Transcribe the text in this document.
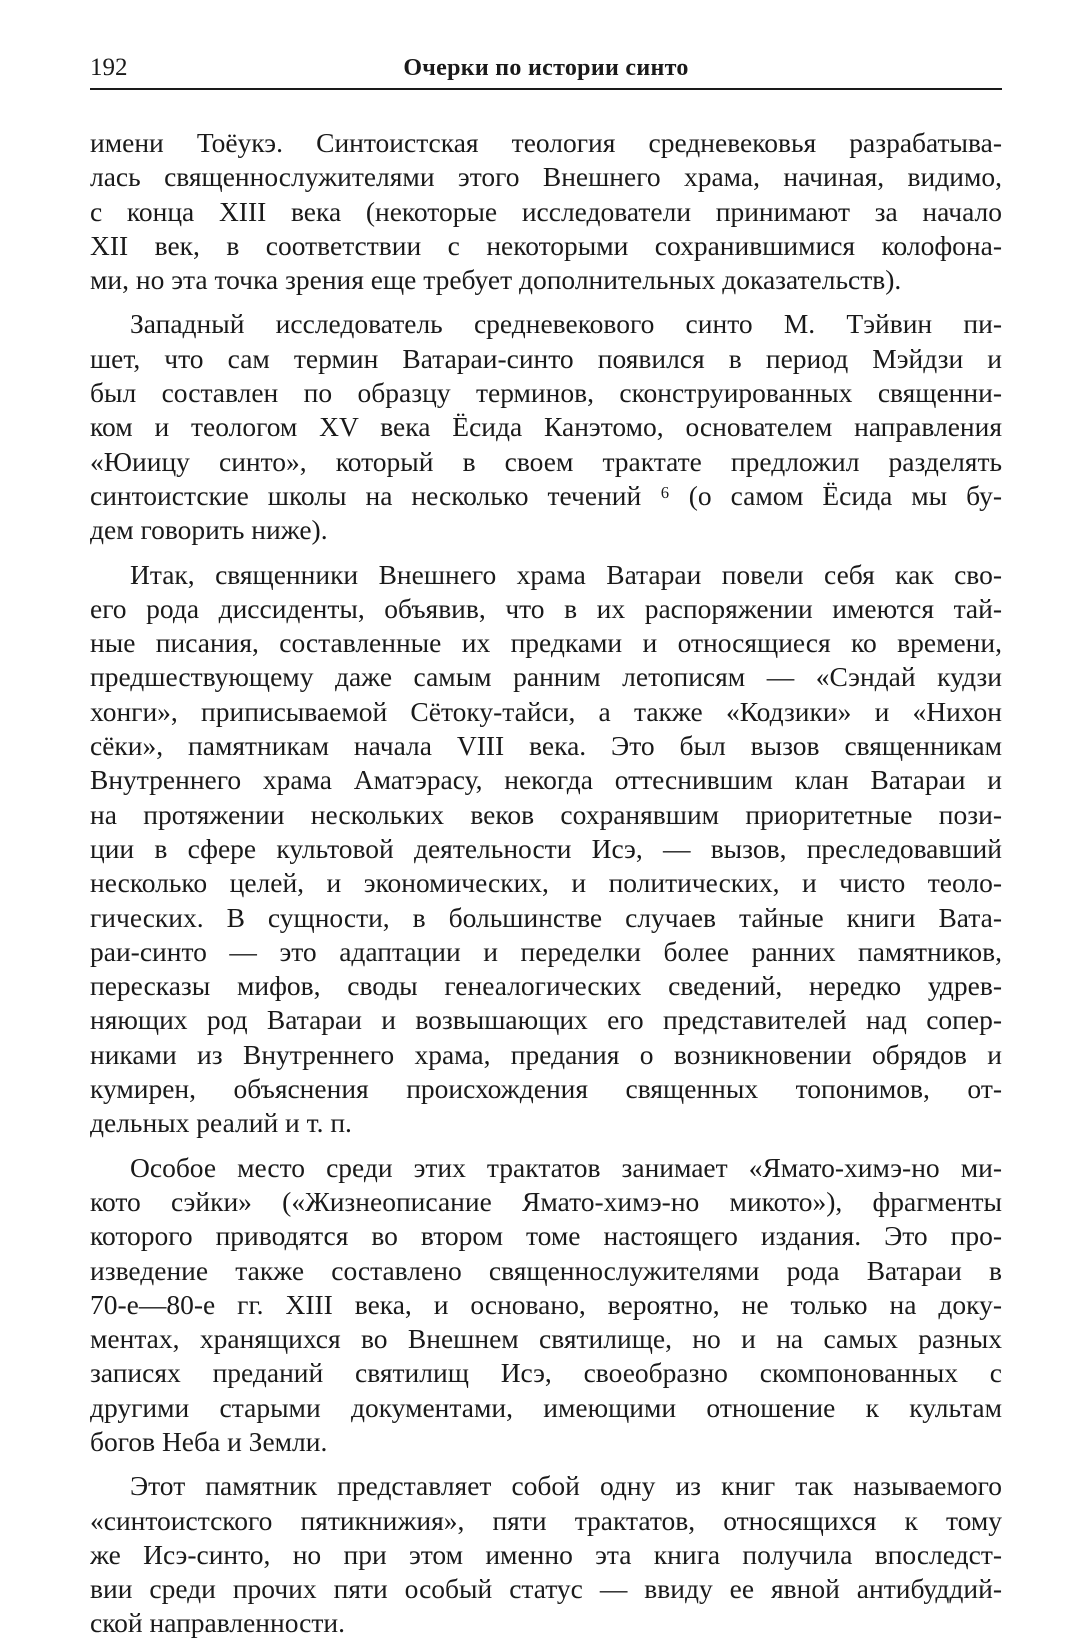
192	Очерки по истории синто

имени Тоёукэ. Синтоистская теология средневековья разрабатыва-
лась священнослужителями этого Внешнего храма, начиная, видимо,
с конца XIII века (некоторые исследователи принимают за начало
XII век, в соответствии с некоторыми сохранившимися колофона-
ми, но эта точка зрения еще требует дополнительных доказательств).

Западный исследователь средневекового синто М. Тэйвин пи-
шет, что сам термин Ватараи-синто появился в период Мэйдзи и
был составлен по образцу терминов, сконструированных священни-
ком и теологом XV века Ёсида Канэтомо, основателем направления
«Юиицу синто», который в своем трактате предложил разделять
синтоистские школы на несколько течений ⁶ (о самом Ёсида мы бу-
дем говорить ниже).

Итак, священники Внешнего храма Ватараи повели себя как сво-
его рода диссиденты, объявив, что в их распоряжении имеются тай-
ные писания, составленные их предками и относящиеся ко времени,
предшествующему даже самым ранним летописям — «Сэндай кудзи
хонги», приписываемой Сётоку-тайси, а также «Кодзики» и «Нихон
сёки», памятникам начала VIII века. Это был вызов священникам
Внутреннего храма Аматэрасу, некогда оттеснившим клан Ватараи и
на протяжении нескольких веков сохранявшим приоритетные пози-
ции в сфере культовой деятельности Исэ, — вызов, преследовавший
несколько целей, и экономических, и политических, и чисто теоло-
гических. В сущности, в большинстве случаев тайные книги Вата-
раи-синто — это адаптации и переделки более ранних памятников,
пересказы мифов, своды генеалогических сведений, нередко удрев-
няющих род Ватараи и возвышающих его представителей над сопер-
никами из Внутреннего храма, предания о возникновении обрядов и
кумирен, объяснения происхождения священных топонимов, от-
дельных реалий и т. п.

Особое место среди этих трактатов занимает «Ямато-химэ-но ми-
кото сэйки» («Жизнеописание Ямато-химэ-но микото»), фрагменты
которого приводятся во втором томе настоящего издания. Это про-
изведение также составлено священнослужителями рода Ватараи в
70-е—80-е гг. XIII века, и основано, вероятно, не только на доку-
ментах, хранящихся во Внешнем святилище, но и на самых разных
записях преданий святилищ Исэ, своеобразно скомпонованных с
другими старыми документами, имеющими отношение к культам
богов Неба и Земли.

Этот памятник представляет собой одну из книг так называемого
«синтоистского пятикнижия», пяти трактатов, относящихся к тому
же Исэ-синто, но при этом именно эта книга получила впоследст-
вии среди прочих пяти особый статус — ввиду ее явной антибуддий-
ской направленности.
